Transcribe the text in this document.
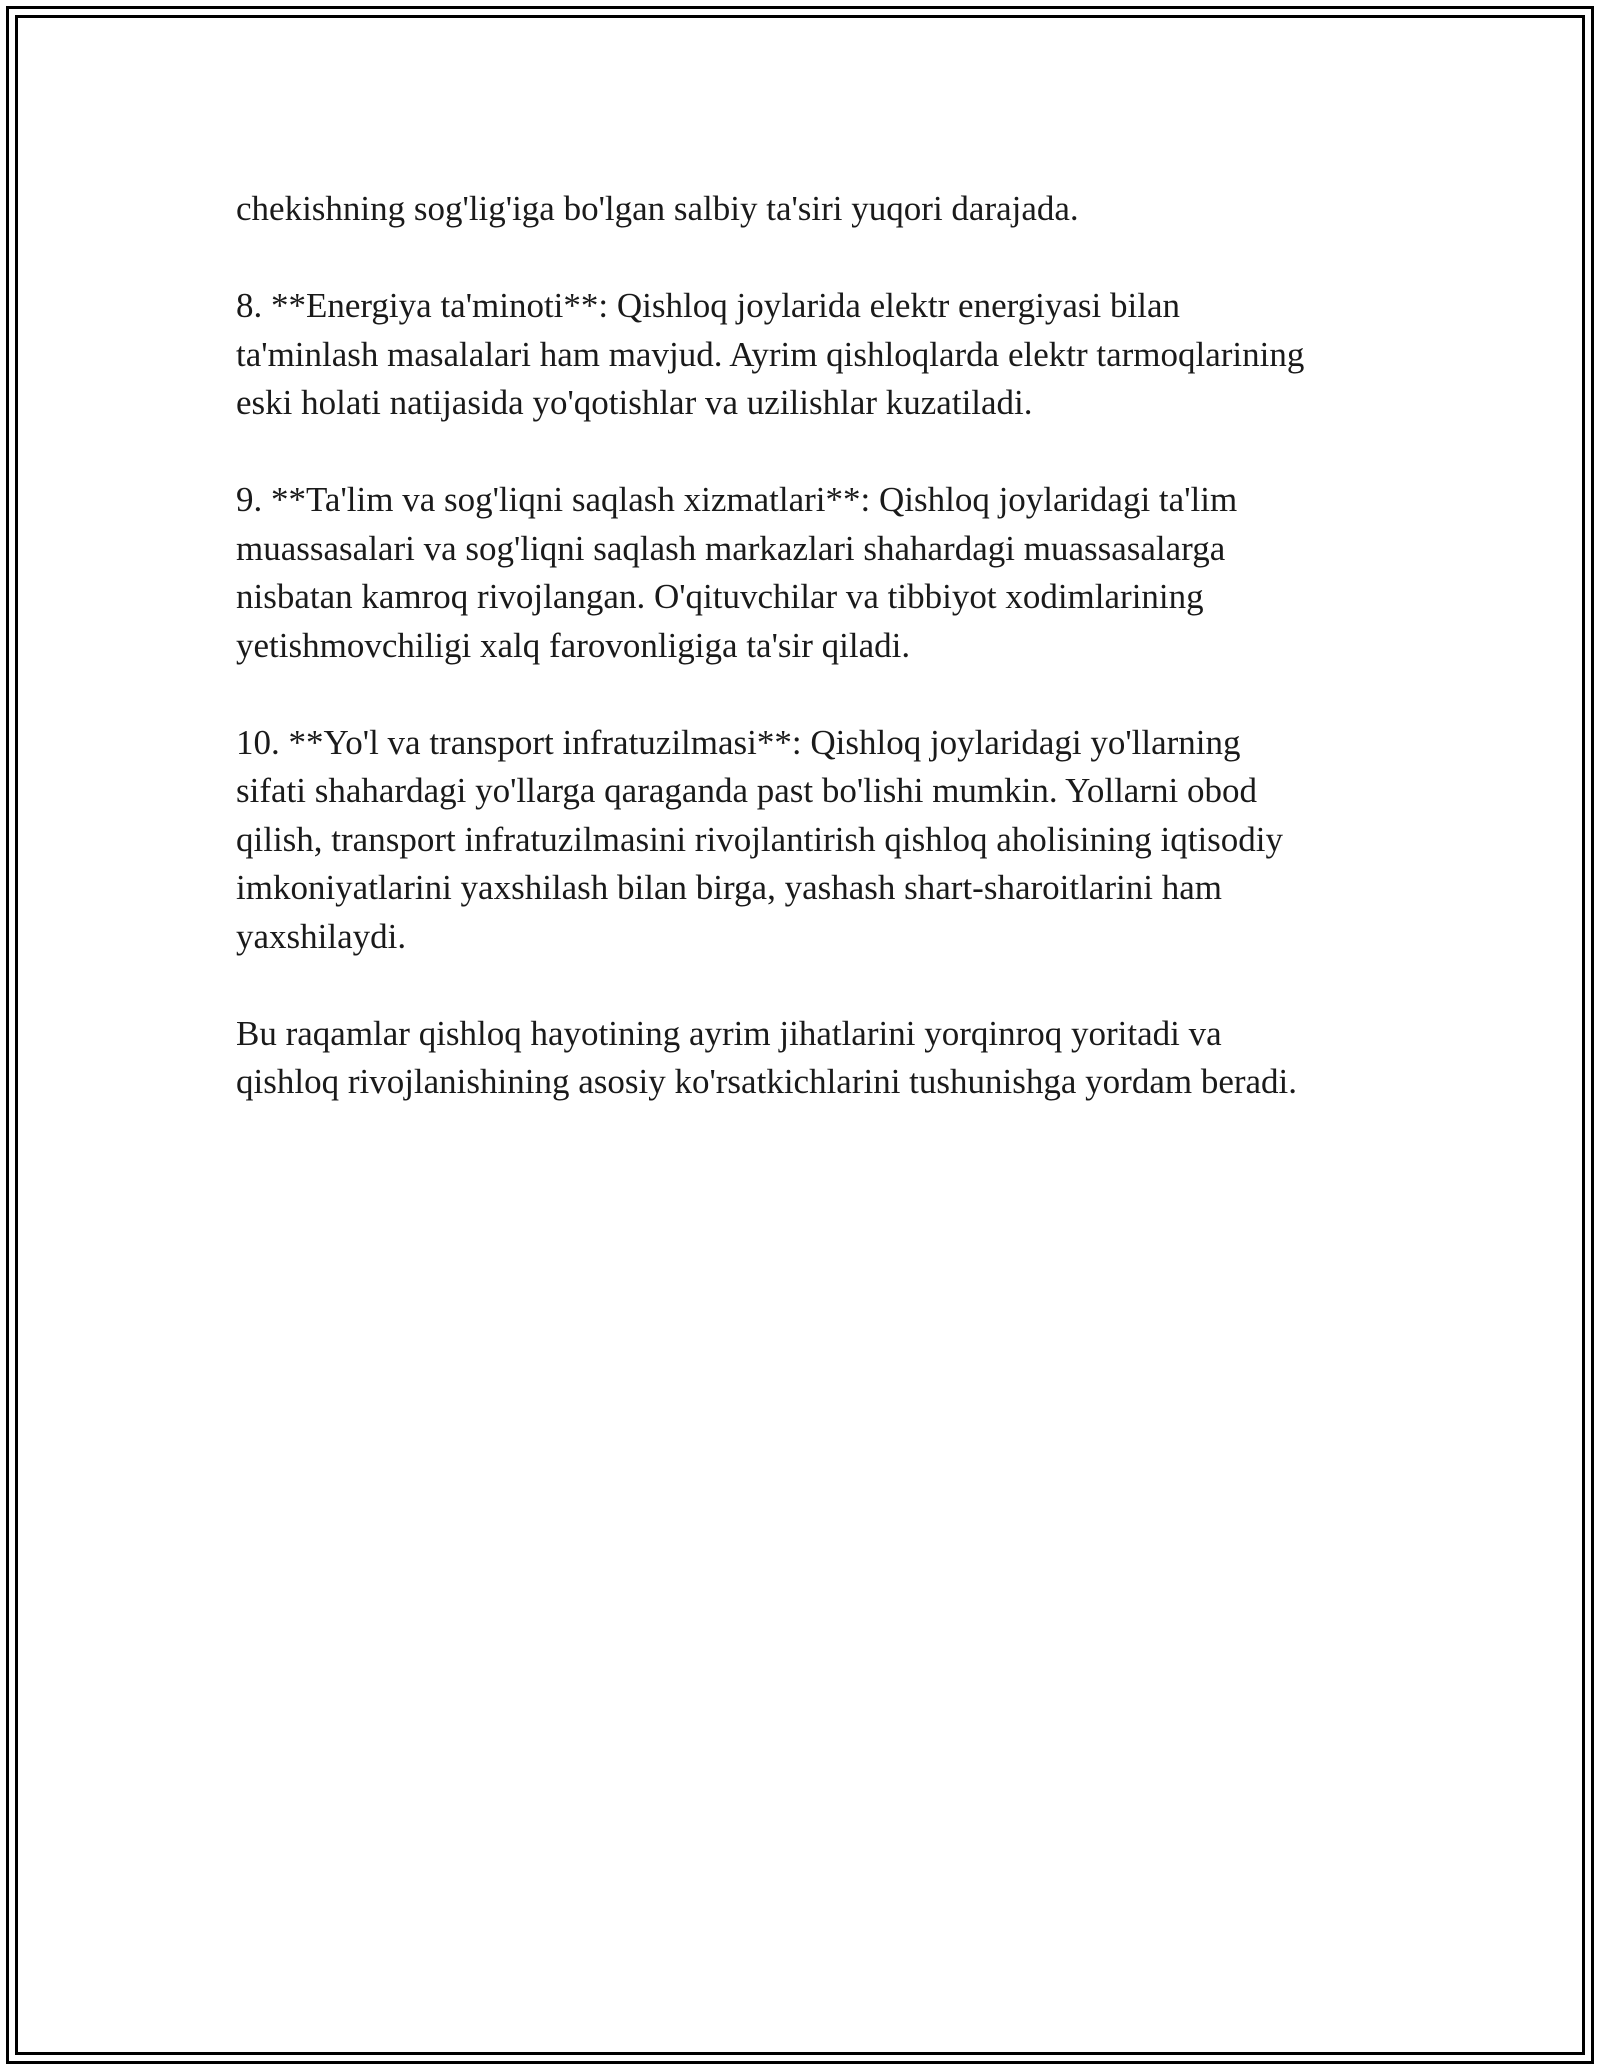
chekishning sog'lig'iga bo'lgan salbiy ta'siri yuqori darajada.

8. **Energiya ta'minoti**: Qishloq joylarida elektr energiyasi bilan
ta'minlash masalalari ham mavjud. Ayrim qishloqlarda elektr tarmoqlarining
eski holati natijasida yo'qotishlar va uzilishlar kuzatiladi.

9. **Ta'lim va sog'liqni saqlash xizmatlari**: Qishloq joylaridagi ta'lim
muassasalari va sog'liqni saqlash markazlari shahardagi muassasalarga
nisbatan kamroq rivojlangan. O'qituvchilar va tibbiyot xodimlarining
yetishmovchiligi xalq farovonligiga ta'sir qiladi.

10. **Yo'l va transport infratuzilmasi**: Qishloq joylaridagi yo'llarning
sifati shahardagi yo'llarga qaraganda past bo'lishi mumkin. Yollarni obod
qilish, transport infratuzilmasini rivojlantirish qishloq aholisining iqtisodiy
imkoniyatlarini yaxshilash bilan birga, yashash shart-sharoitlarini ham
yaxshilaydi.

Bu raqamlar qishloq hayotining ayrim jihatlarini yorqinroq yoritadi va
qishloq rivojlanishining asosiy ko'rsatkichlarini tushunishga yordam beradi.
